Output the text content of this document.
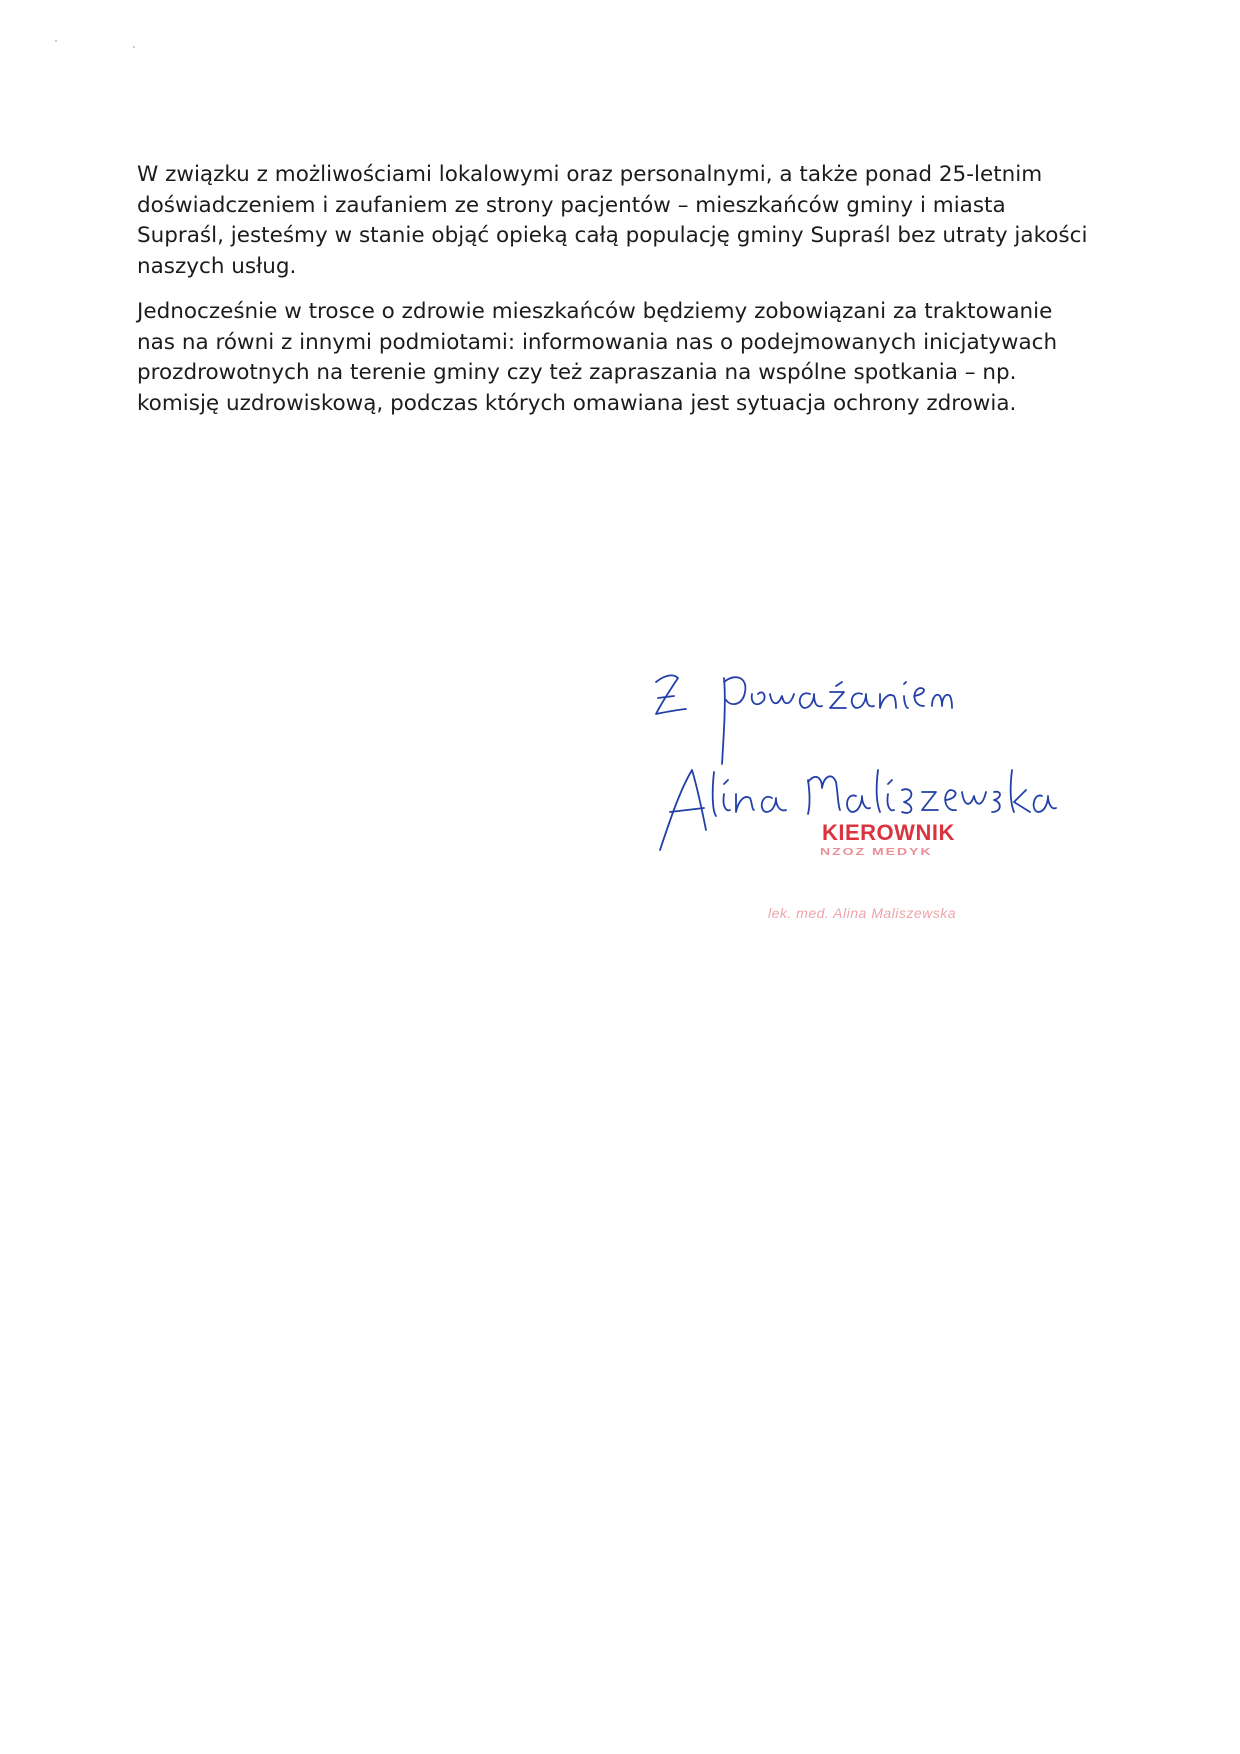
W związku z możliwościami lokalowymi oraz personalnymi, a także ponad 25-letnim doświadczeniem i zaufaniem ze strony pacjentów – mieszkańców gminy i miasta Supraśl, jesteśmy w stanie objąć opieką całą populację gminy Supraśl bez utraty jakości naszych usług.

Jednocześnie w trosce o zdrowie mieszkańców będziemy zobowiązani za traktowanie nas na równi z innymi podmiotami: informowania nas o podejmowanych inicjatywach prozdrowotnych na terenie gminy czy też zapraszania na wspólne spotkania – np. komisję uzdrowiskową, podczas których omawiana jest sytuacja ochrony zdrowia.

KIEROWNIK
NZOZ MEDYK
lek. med. Alina Maliszewska
